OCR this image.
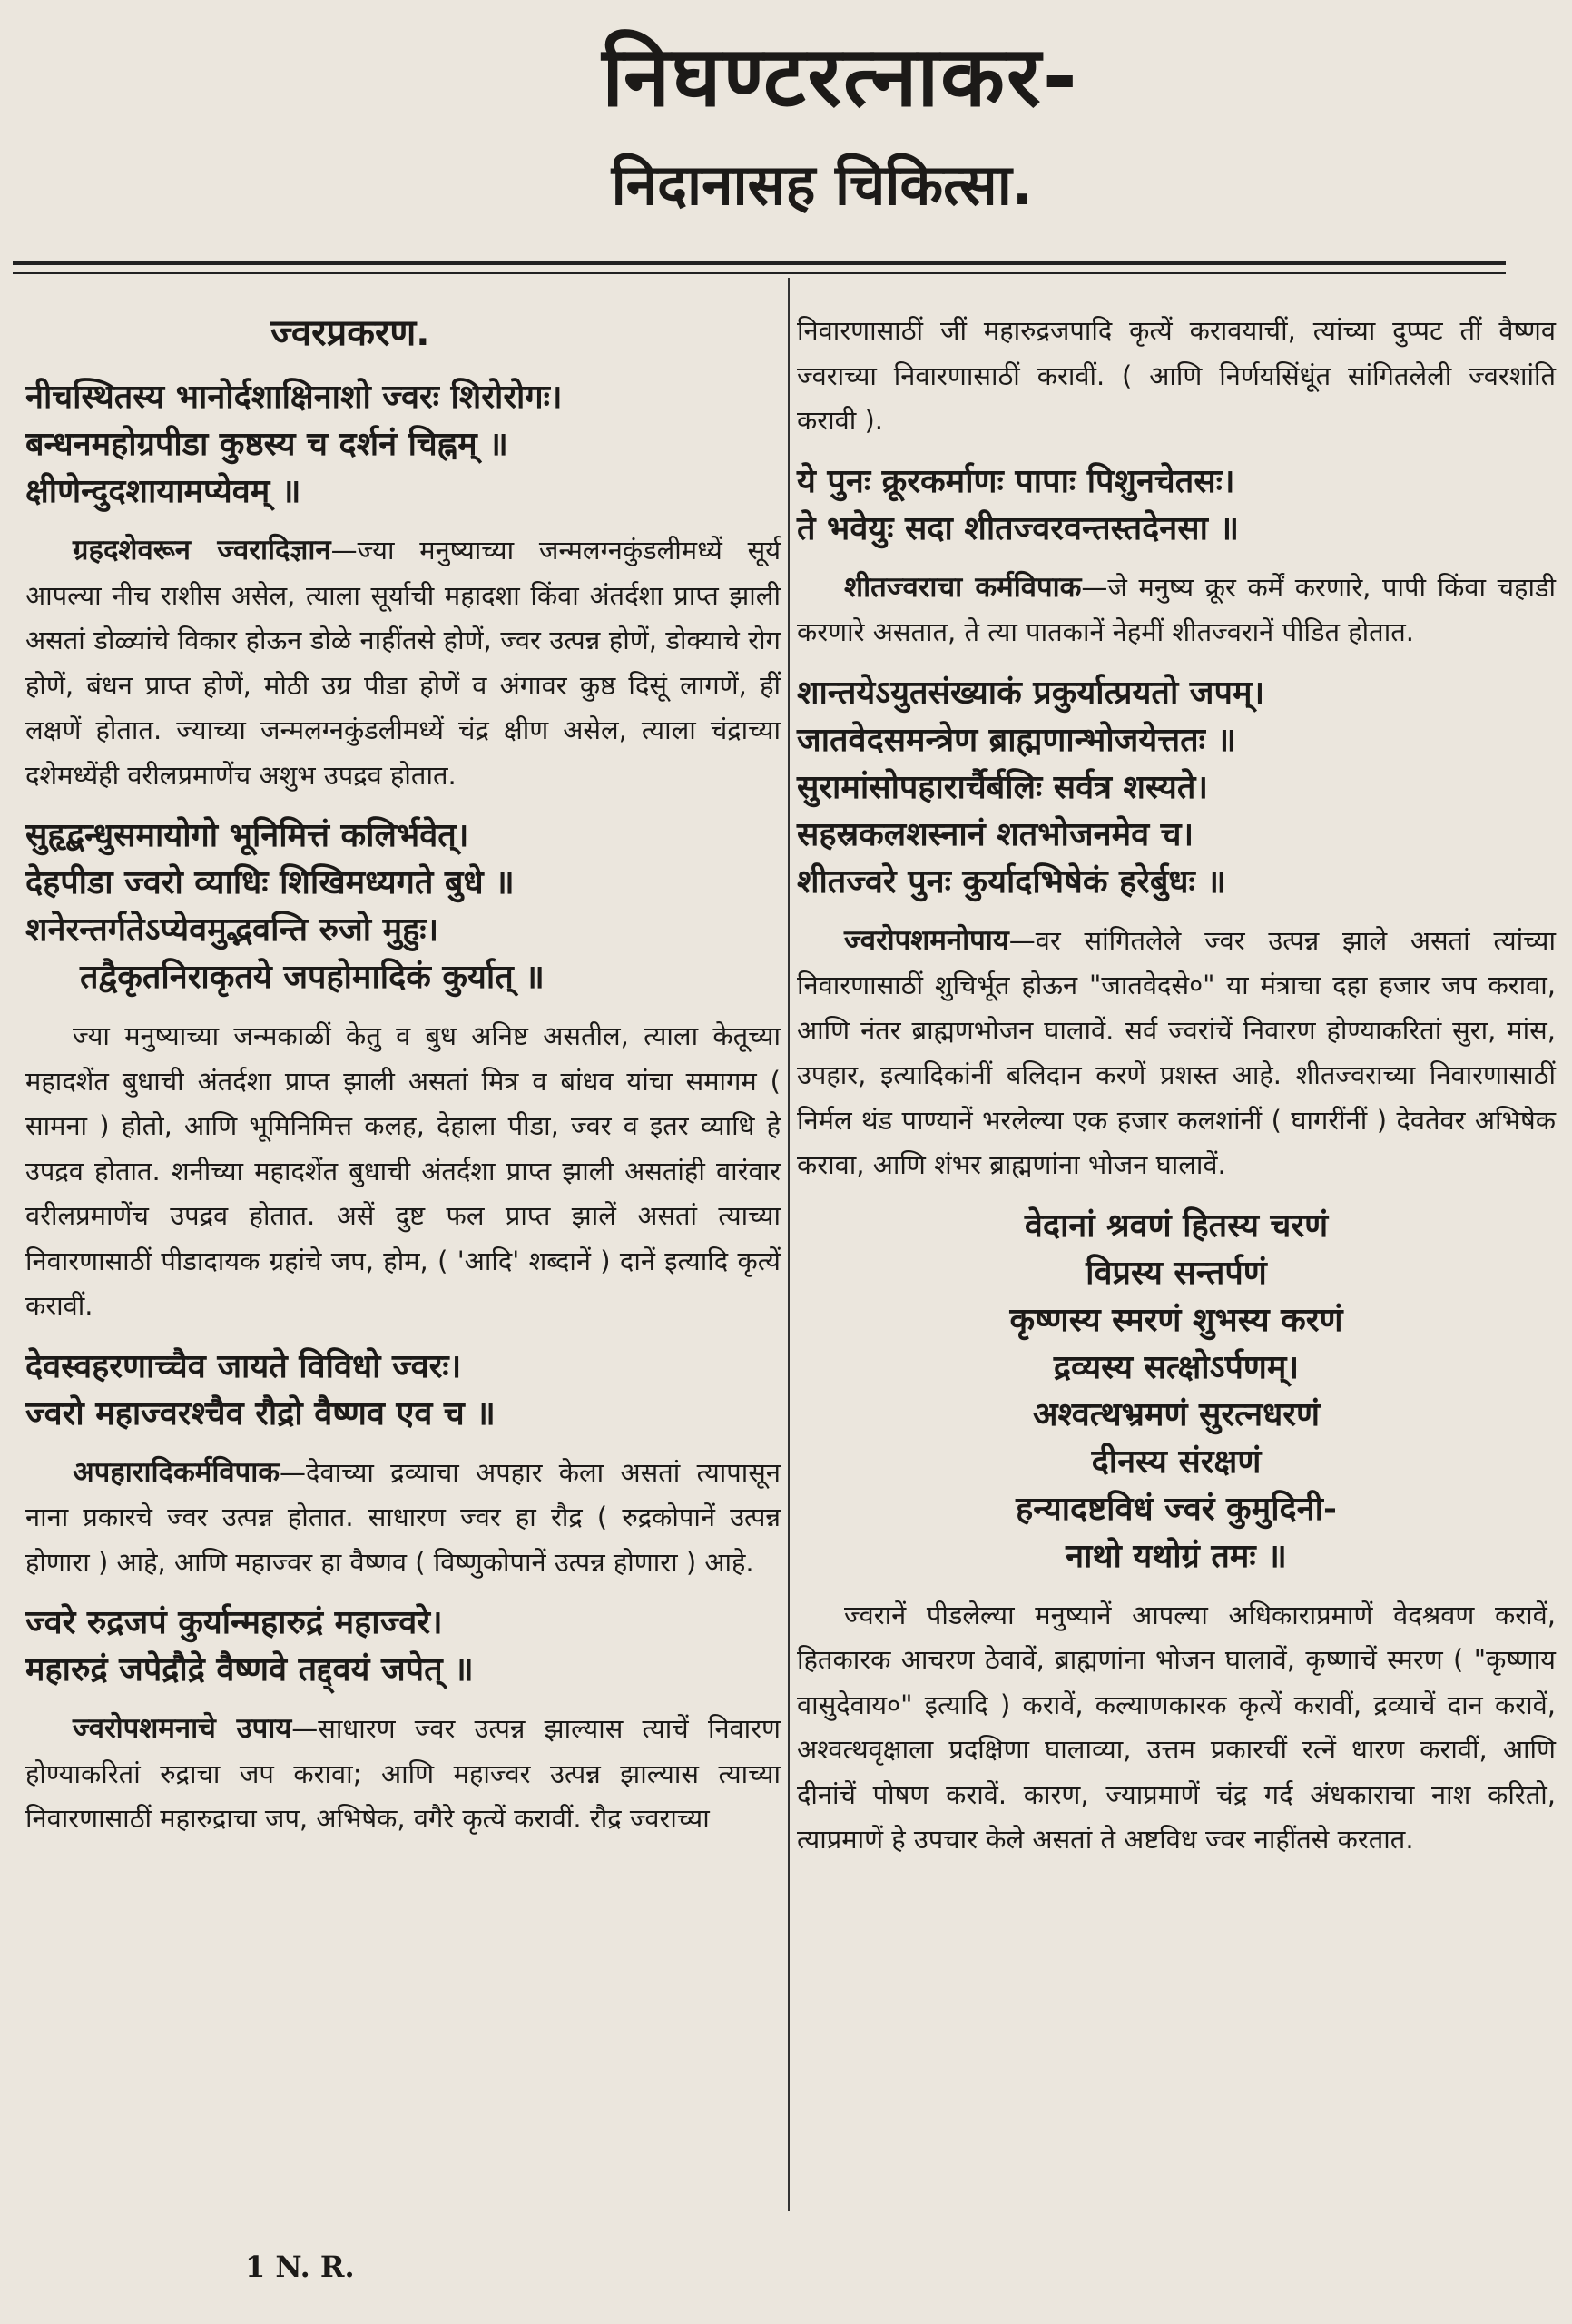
निघण्टरत्नाकर-
निदानासह चिकित्सा.
ज्वरप्रकरण.
नीचस्थितस्य भानोर्दशाक्षिनाशो ज्वरः शिरोरोगः।
बन्धनमहोग्रपीडा कुष्ठस्य च दर्शनं चिह्नम् ॥
क्षीणेन्दुदशायामप्येवम् ॥

ग्रहदशेवरून ज्वरादिज्ञान—ज्या मनुष्याच्या जन्मलग्नकुंडलीमध्यें सूर्य आपल्या नीच राशीस असेल, त्याला सूर्याची महादशा किंवा अंतर्दशा प्राप्त झाली असतां डोळ्यांचे विकार होऊन डोळे नाहींतसे होणें, ज्वर उत्पन्न होणें, डोक्याचे रोग होणें, बंधन प्राप्त होणें, मोठी उग्र पीडा होणें व अंगावर कुष्ठ दिसूं लागणें, हीं लक्षणें होतात. ज्याच्या जन्मलग्नकुंडलीमध्यें चंद्र क्षीण असेल, त्याला चंद्राच्या दशेमध्येंही वरीलप्रमाणेंच अशुभ उपद्रव होतात.

सुहृद्बन्धुसमायोगो भूनिमित्तं कलिर्भवेत्।
देहपीडा ज्वरो व्याधिः शिखिमध्यगते बुधे ॥
शनेरन्तर्गतेऽप्येवमुद्भवन्ति रुजो मुहुः।
तद्वैकृतनिराकृतये जपहोमादिकं कुर्यात् ॥

ज्या मनुष्याच्या जन्मकाळीं केतु व बुध अनिष्ट असतील, त्याला केतूच्या महादशेंत बुधाची अंतर्दशा प्राप्त झाली असतां मित्र व बांधव यांचा समागम ( सामना ) होतो, आणि भूमिनिमित्त कलह, देहाला पीडा, ज्वर व इतर व्याधि हे उपद्रव होतात. शनीच्या महादशेंत बुधाची अंतर्दशा प्राप्त झाली असतांही वारंवार वरीलप्रमाणेंच उपद्रव होतात. असें दुष्ट फल प्राप्त झालें असतां त्याच्या निवारणासाठीं पीडादायक ग्रहांचे जप, होम, ( 'आदि' शब्दानें ) दानें इत्यादि कृत्यें करावीं.

देवस्वहरणाच्चैव जायते विविधो ज्वरः।
ज्वरो महाज्वरश्चैव रौद्रो वैष्णव एव च ॥

अपहारादिकर्मविपाक—देवाच्या द्रव्याचा अपहार केला असतां त्यापासून नाना प्रकारचे ज्वर उत्पन्न होतात. साधारण ज्वर हा रौद्र ( रुद्रकोपानें उत्पन्न होणारा ) आहे, आणि महाज्वर हा वैष्णव ( विष्णुकोपानें उत्पन्न होणारा ) आहे.

ज्वरे रुद्रजपं कुर्यान्महारुद्रं महाज्वरे।
महारुद्रं जपेद्रौद्रे वैष्णवे तद्द्वयं जपेत् ॥

ज्वरोपशमनाचे उपाय—साधारण ज्वर उत्पन्न झाल्यास त्याचें निवारण होण्याकरितां रुद्राचा जप करावा; आणि महाज्वर उत्पन्न झाल्यास त्याच्या निवारणासाठीं महारुद्राचा जप, अभिषेक, वगैरे कृत्यें करावीं. रौद्र ज्वराच्या

निवारणासाठीं जीं महारुद्रजपादि कृत्यें करावयाचीं, त्यांच्या दुप्पट तीं वैष्णव ज्वराच्या निवारणासाठीं करावीं. ( आणि निर्णयसिंधूंत सांगितलेली ज्वरशांति करावी ).

ये पुनः क्रूरकर्माणः पापाः पिशुनचेतसः।
ते भवेयुः सदा शीतज्वरवन्तस्तदेनसा ॥

शीतज्वराचा कर्मविपाक—जे मनुष्य क्रूर कर्में करणारे, पापी किंवा चहाडी करणारे असतात, ते त्या पातकानें नेहमीं शीतज्वरानें पीडित होतात.

शान्तयेऽयुतसंख्याकं प्रकुर्यात्प्रयतो जपम्।
जातवेदसमन्त्रेण ब्राह्मणान्भोजयेत्ततः ॥
सुरामांसोपहारार्चैर्बलिः सर्वत्र शस्यते।
सहस्रकलशस्नानं शतभोजनमेव च।
शीतज्वरे पुनः कुर्यादभिषेकं हरेर्बुधः ॥

ज्वरोपशमनोपाय—वर सांगितलेले ज्वर उत्पन्न झाले असतां त्यांच्या निवारणासाठीं शुचिर्भूत होऊन "जातवेदसे०" या मंत्राचा दहा हजार जप करावा, आणि नंतर ब्राह्मणभोजन घालावें. सर्व ज्वरांचें निवारण होण्याकरितां सुरा, मांस, उपहार, इत्यादिकांनीं बलिदान करणें प्रशस्त आहे. शीतज्वराच्या निवारणासाठीं निर्मल थंड पाण्यानें भरलेल्या एक हजार कलशांनीं ( घागरींनीं ) देवतेवर अभिषेक करावा, आणि शंभर ब्राह्मणांना भोजन घालावें.

वेदानां श्रवणं हितस्य चरणं
विप्रस्य सन्तर्पणं
कृष्णस्य स्मरणं शुभस्य करणं
द्रव्यस्य सत्क्षोऽर्पणम्।
अश्वत्थभ्रमणं सुरत्नधरणं
दीनस्य संरक्षणं
हन्यादष्टविधं ज्वरं कुमुदिनी-
नाथो यथोग्रं तमः ॥

ज्वरानें पीडलेल्या मनुष्यानें आपल्या अधिकाराप्रमाणें वेदश्रवण करावें, हितकारक आचरण ठेवावें, ब्राह्मणांना भोजन घालावें, कृष्णाचें स्मरण ( "कृष्णाय वासुदेवाय०" इत्यादि ) करावें, कल्याणकारक कृत्यें करावीं, द्रव्याचें दान करावें, अश्वत्थवृक्षाला प्रदक्षिणा घालाव्या, उत्तम प्रकारचीं रत्नें धारण करावीं, आणि दीनांचें पोषण करावें. कारण, ज्याप्रमाणें चंद्र गर्द अंधकाराचा नाश करितो, त्याप्रमाणें हे उपचार केले असतां ते अष्टविध ज्वर नाहींतसे करतात.

1 N. R.
